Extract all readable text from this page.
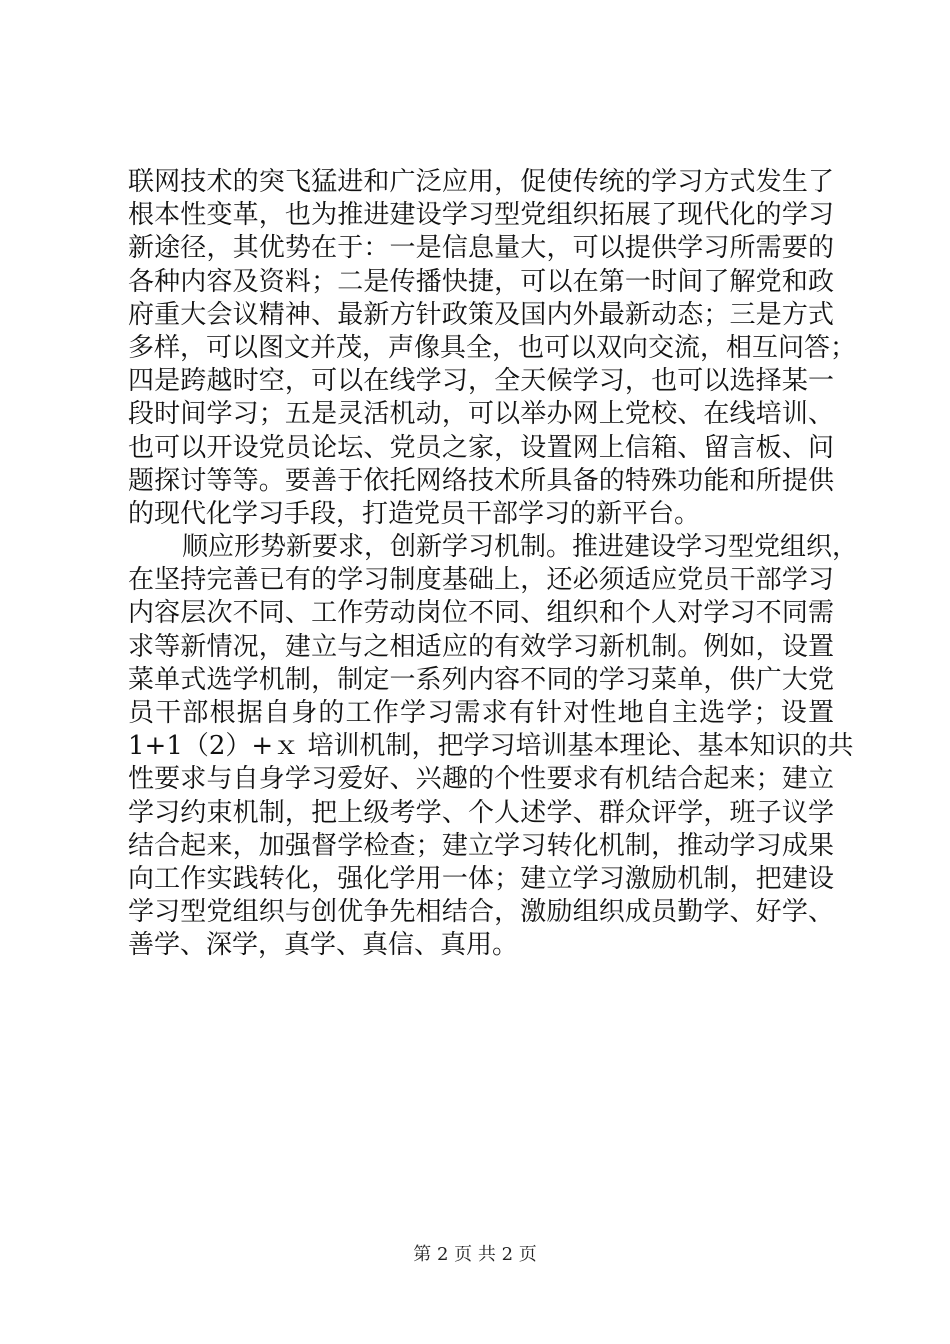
联网技术的突飞猛进和广泛应用，促使传统的学习方式发生了
根本性变革，也为推进建设学习型党组织拓展了现代化的学习
新途径，其优势在于：一是信息量大，可以提供学习所需要的
各种内容及资料；二是传播快捷，可以在第一时间了解党和政
府重大会议精神、最新方针政策及国内外最新动态；三是方式
多样，可以图文并茂，声像具全，也可以双向交流，相互问答；
四是跨越时空，可以在线学习，全天候学习，也可以选择某一
段时间学习；五是灵活机动，可以举办网上党校、在线培训、
也可以开设党员论坛、党员之家，设置网上信箱、留言板、问
题探讨等等。要善于依托网络技术所具备的特殊功能和所提供
的现代化学习手段，打造党员干部学习的新平台。
顺应形势新要求，创新学习机制。推进建设学习型党组织，
在坚持完善已有的学习制度基础上，还必须适应党员干部学习
内容层次不同、工作劳动岗位不同、组织和个人对学习不同需
求等新情况，建立与之相适应的有效学习新机制。例如，设置
菜单式选学机制，制定一系列内容不同的学习菜单，供广大党
员干部根据自身的工作学习需求有针对性地自主选学；设置
1+1（2）+ｘ 培训机制，把学习培训基本理论、基本知识的共
性要求与自身学习爱好、兴趣的个性要求有机结合起来；建立
学习约束机制，把上级考学、个人述学、群众评学，班子议学
结合起来，加强督学检查；建立学习转化机制，推动学习成果
向工作实践转化，强化学用一体；建立学习激励机制，把建设
学习型党组织与创优争先相结合，激励组织成员勤学、好学、
善学、深学，真学、真信、真用。
第 2 页 共 2 页
